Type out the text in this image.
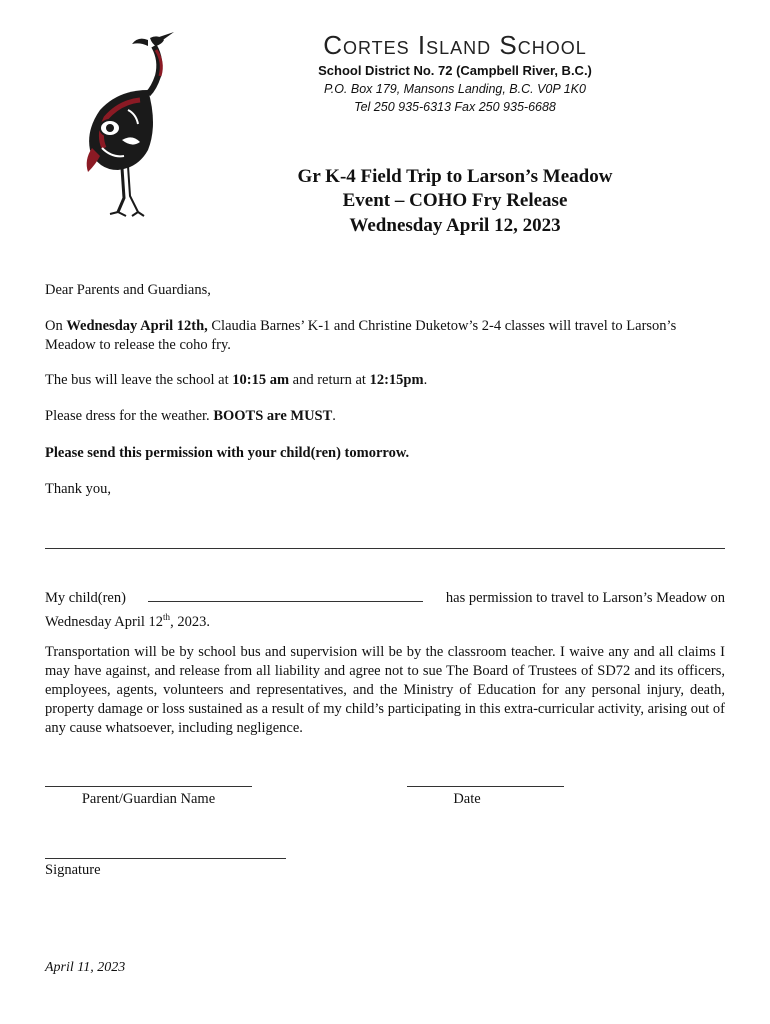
Cortes Island School
School District No. 72 (Campbell River, B.C.)
P.O. Box 179, Mansons Landing, B.C. V0P 1K0
Tel 250 935-6313 Fax 250 935-6688
Gr K-4 Field Trip to Larson’s Meadow
Event – COHO Fry Release
Wednesday April 12, 2023
Dear Parents and Guardians,
On Wednesday April 12th, Claudia Barnes’ K-1 and Christine Duketow’s 2-4 classes will travel to Larson’s Meadow to release the coho fry.
The bus will leave the school at 10:15 am and return at 12:15pm.
Please dress for the weather. BOOTS are MUST.
Please send this permission with your child(ren) tomorrow.
Thank you,
My child(ren)	has permission to travel to Larson’s Meadow on
Wednesday April 12th, 2023.
Transportation will be by school bus and supervision will be by the classroom teacher. I waive any and all claims I may have against, and release from all liability and agree not to sue The Board of Trustees of SD72 and its officers, employees, agents, volunteers and representatives, and the Ministry of Education for any personal injury, death, property damage or loss sustained as a result of my child’s participating in this extra-curricular activity, arising out of any cause whatsoever, including negligence.
Parent/Guardian Name	Date
Signature
April 11, 2023
